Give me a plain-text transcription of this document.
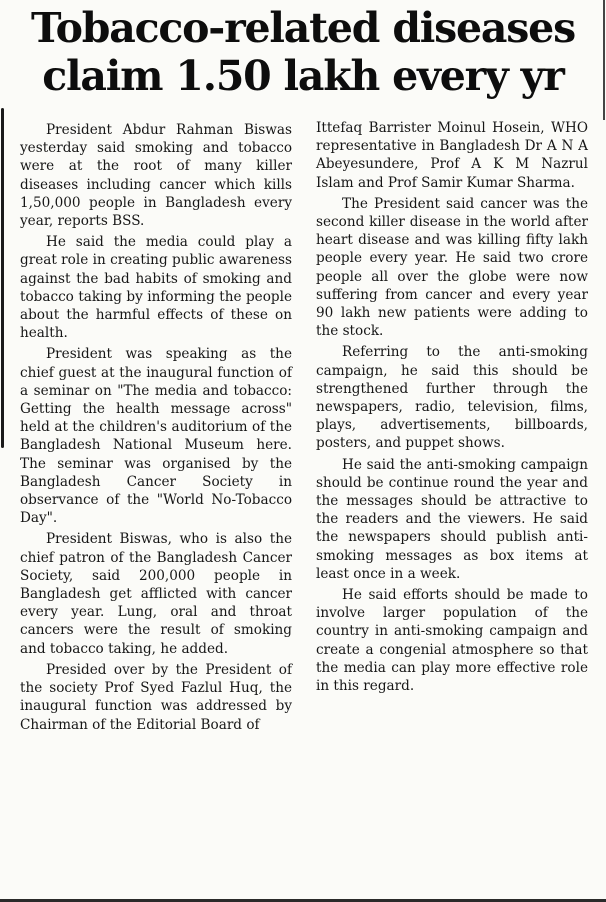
Tobacco-related diseases
claim 1.50 lakh every yr

President Abdur Rahman Biswas yesterday said smoking and tobacco were at the root of many killer diseases including cancer which kills 1,50,000 people in Bangladesh every year, reports BSS.

He said the media could play a great role in creating public awareness against the bad habits of smoking and tobacco taking by informing the people about the harmful effects of these on health.

President was speaking as the chief guest at the inaugural function of a seminar on "The media and tobacco: Getting the health message across" held at the children's auditorium of the Bangladesh National Museum here. The seminar was organised by the Bangladesh Cancer Society in observance of the "World No-Tobacco Day".

President Biswas, who is also the chief patron of the Bangladesh Cancer Society, said 200,000 people in Bangladesh get afflicted with cancer every year. Lung, oral and throat cancers were the result of smoking and tobacco taking, he added.

Presided over by the President of the society Prof Syed Fazlul Huq, the inaugural function was addressed by Chairman of the Editorial Board of

Ittefaq Barrister Moinul Hosein, WHO representative in Bangladesh Dr A N A Abeyesundere, Prof A K M Nazrul Islam and Prof Samir Kumar Sharma.

The President said cancer was the second killer disease in the world after heart disease and was killing fifty lakh people every year. He said two crore people all over the globe were now suffering from cancer and every year 90 lakh new patients were adding to the stock.

Referring to the anti-smoking campaign, he said this should be strengthened further through the newspapers, radio, television, films, plays, advertisements, billboards, posters, and puppet shows.

He said the anti-smoking campaign should be continue round the year and the messages should be attractive to the readers and the viewers. He said the newspapers should publish anti-smoking messages as box items at least once in a week.

He said efforts should be made to involve larger population of the country in anti-smoking campaign and create a congenial atmosphere so that the media can play more effective role in this regard.
